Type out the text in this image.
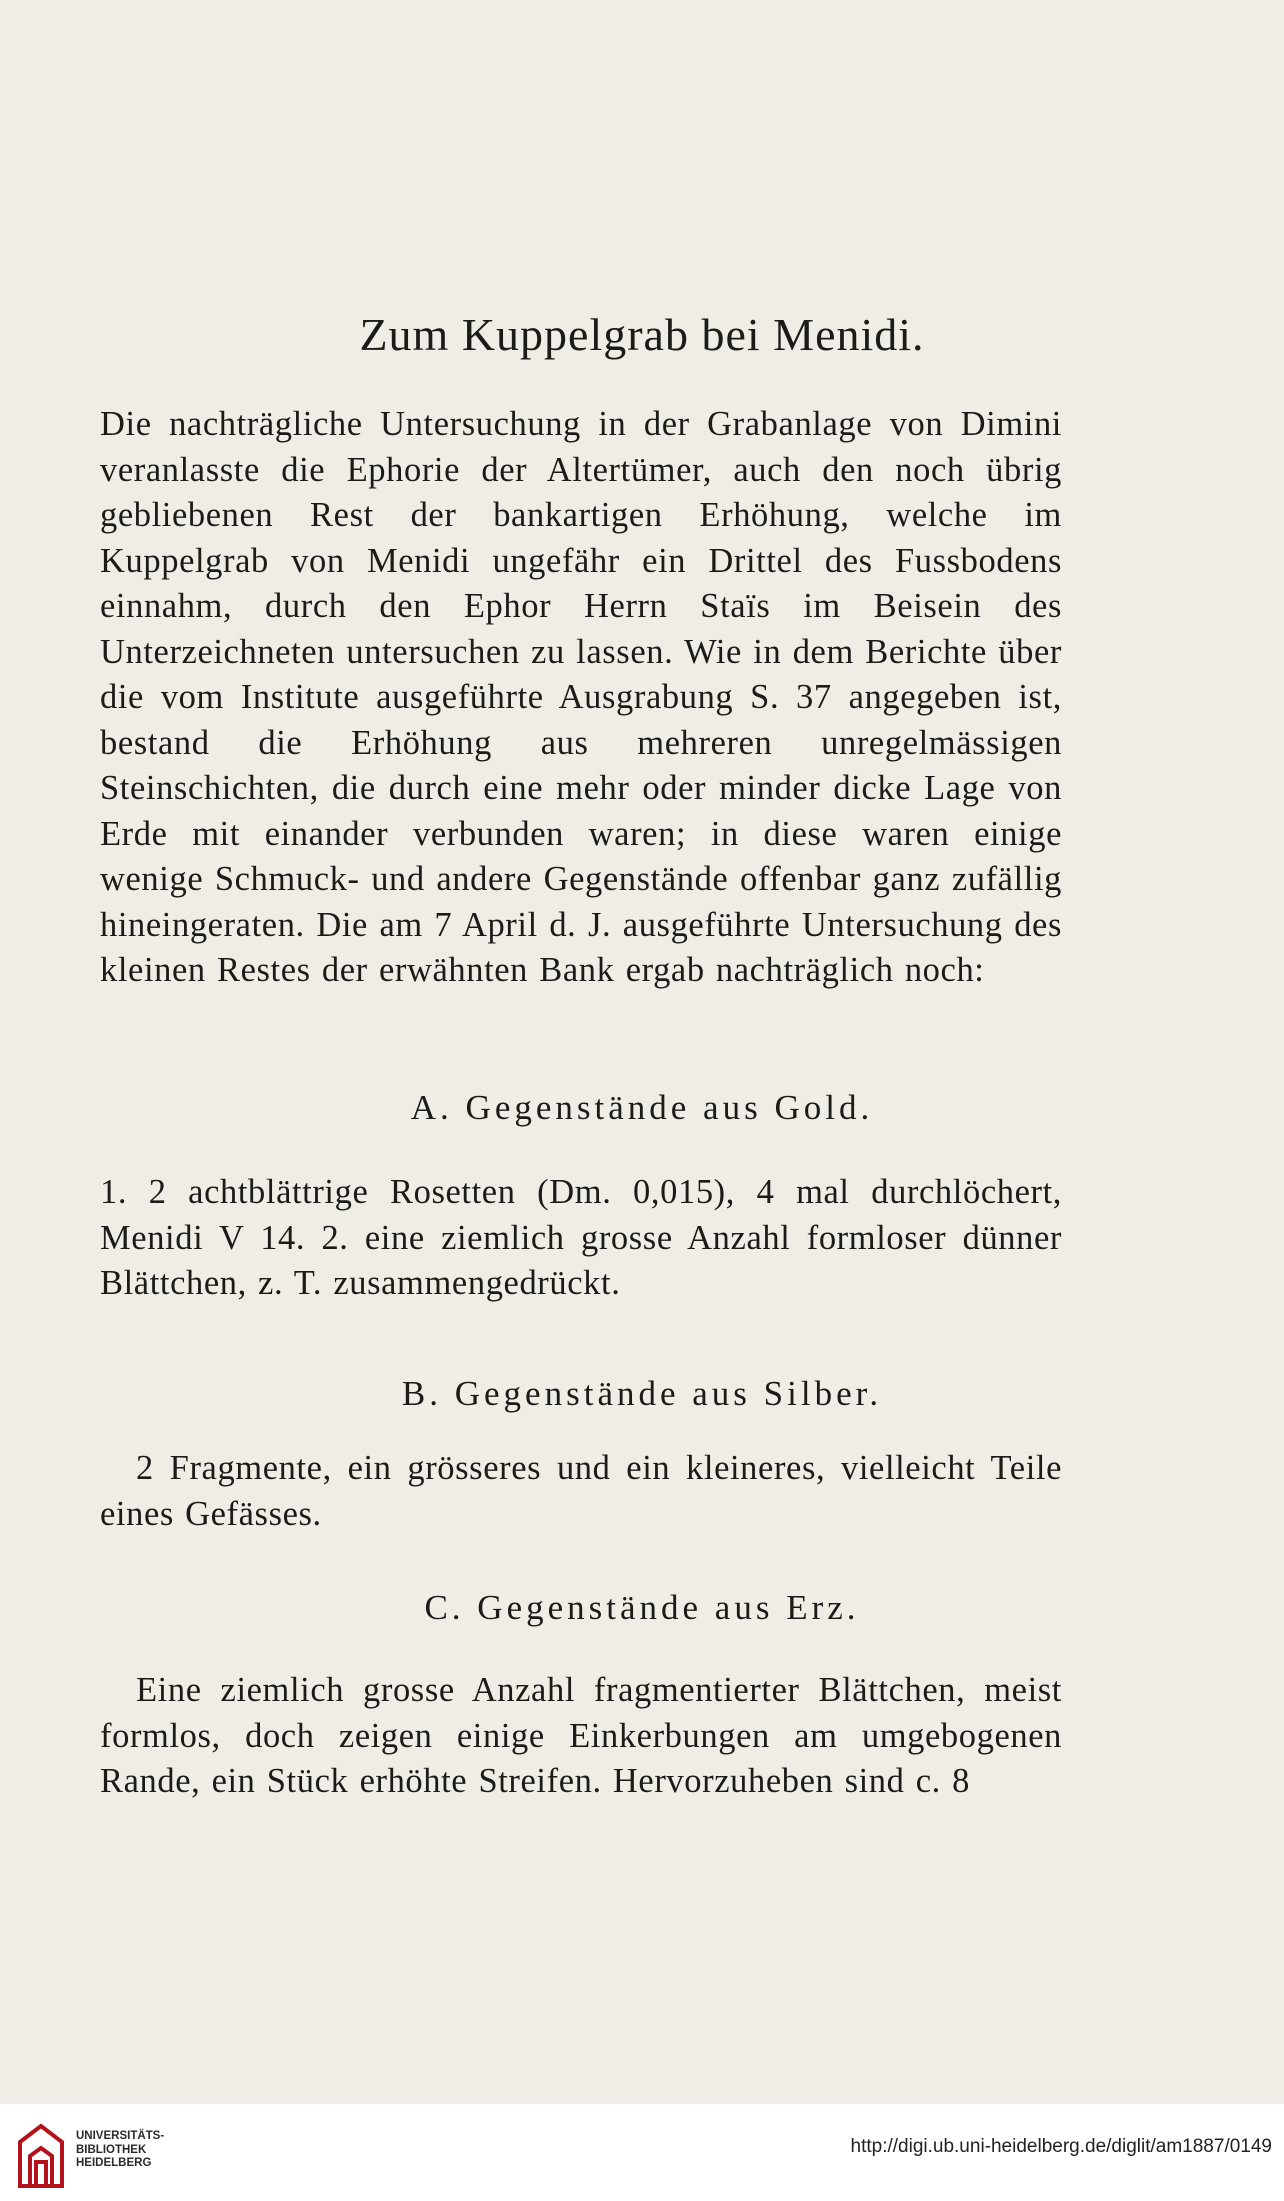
Zum Kuppelgrab bei Menidi.

Die nachträgliche Untersuchung in der Grabanlage von Dimini veranlasste die Ephorie der Altertümer, auch den noch übrig gebliebenen Rest der bankartigen Erhöhung, welche im Kuppelgrab von Menidi ungefähr ein Drittel des Fussbodens einnahm, durch den Ephor Herrn Staïs im Beisein des Unterzeichneten untersuchen zu lassen. Wie in dem Berichte über die vom Institute ausgeführte Ausgrabung S. 37 angegeben ist, bestand die Erhöhung aus mehreren unregelmässigen Steinschichten, die durch eine mehr oder minder dicke Lage von Erde mit einander verbunden waren; in diese waren einige wenige Schmuck- und andere Gegenstände offenbar ganz zufällig hineingeraten. Die am 7 April d. J. ausgeführte Untersuchung des kleinen Restes der erwähnten Bank ergab nachträglich noch:

A. Gegenstände aus Gold.

1. 2 achtblättrige Rosetten (Dm. 0,015), 4 mal durchlöchert, Menidi V 14. 2. eine ziemlich grosse Anzahl formloser dünner Blättchen, z. T. zusammengedrückt.

B. Gegenstände aus Silber.

2 Fragmente, ein grösseres und ein kleineres, vielleicht Teile eines Gefässes.

C. Gegenstände aus Erz.

Eine ziemlich grosse Anzahl fragmentierter Blättchen, meist formlos, doch zeigen einige Einkerbungen am umgebogenen Rande, ein Stück erhöhte Streifen. Hervorzuheben sind c. 8

UNIVERSITÄTS-
BIBLIOTHEK
HEIDELBERG
http://digi.ub.uni-heidelberg.de/diglit/am1887/0149
